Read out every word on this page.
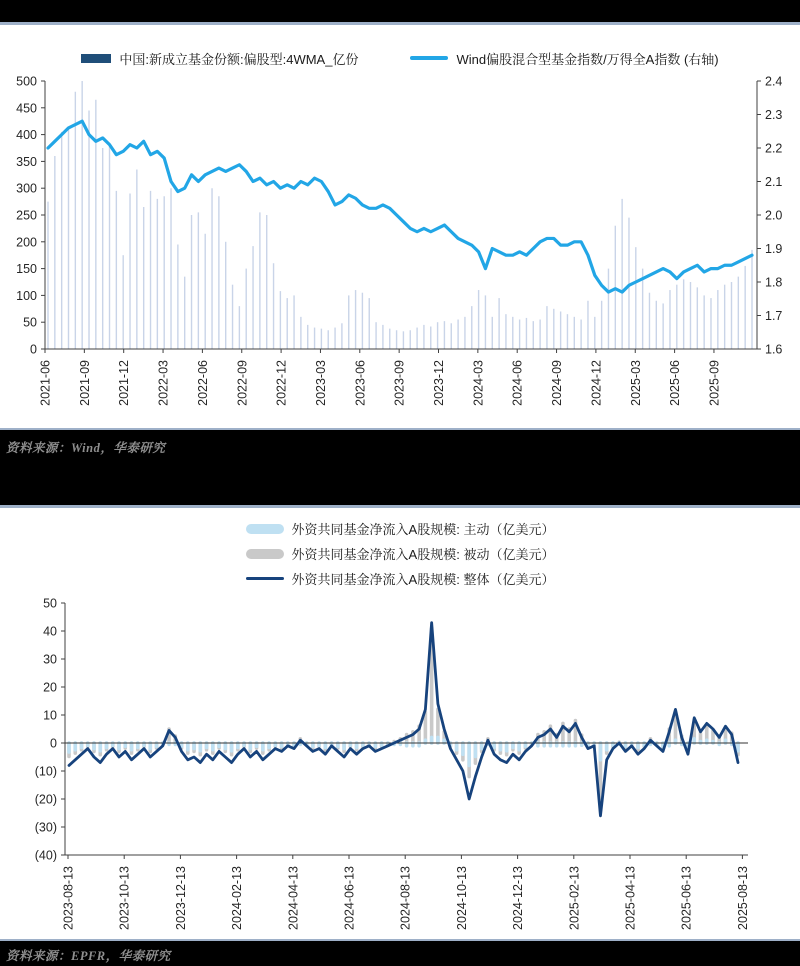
中国:新成立基金份额:偏股型:4WMA_亿份	Wind偏股混合型基金指数/万得全A指数 (右轴)
0
50
100
150
200
250
300
350
400
450
500
1.6
1.7
1.8
1.9
2.0
2.1
2.2
2.3
2.4
2021-06 2021-09 2021-12 2022-03 2022-06 2022-09 2022-12 2023-03 2023-06 2023-09 2023-12 2024-03 2024-06 2024-09 2024-12 2025-03 2025-06 2025-09
资料来源：Wind，华泰研究
外资共同基金净流入A股规模: 主动（亿美元）
外资共同基金净流入A股规模: 被动（亿美元）
外资共同基金净流入A股规模: 整体（亿美元）
50
40
30
20
10
0
(10)
(20)
(30)
(40)
2023-08-13	2023-10-13	2023-12-13	2024-02-13	2024-04-13	2024-06-13	2024-08-13	2024-10-13	2024-12-13	2025-02-13	2025-04-13	2025-06-13	2025-08-13
资料来源：EPFR，华泰研究
